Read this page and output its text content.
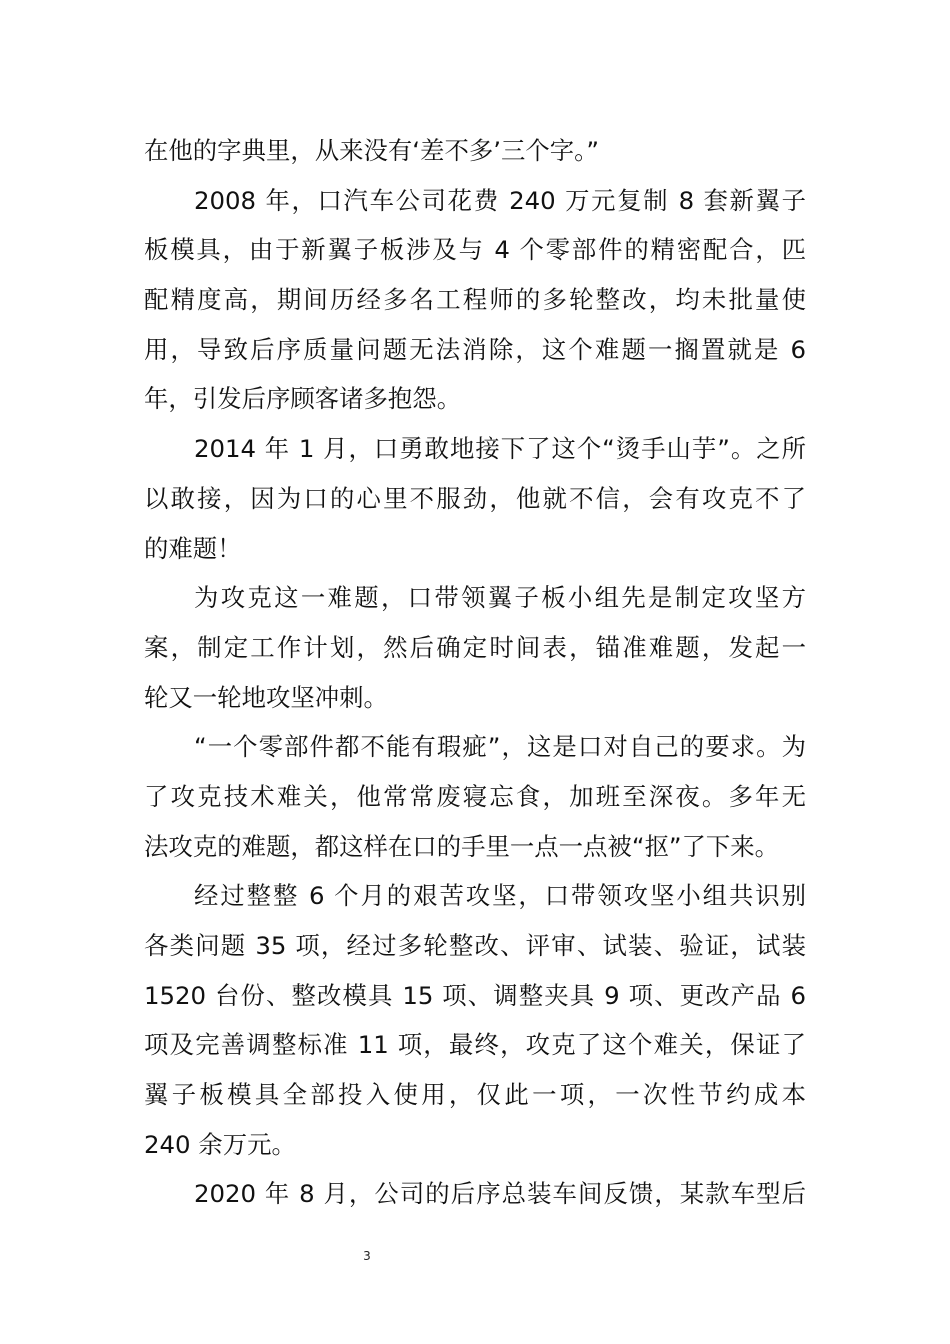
在他的字典里，从来没有‘差不多’三个字。”
2008 年，口汽车公司花费 240 万元复制 8 套新翼子
板模具，由于新翼子板涉及与 4 个零部件的精密配合，匹
配精度高，期间历经多名工程师的多轮整改，均未批量使
用，导致后序质量问题无法消除，这个难题一搁置就是 6
年，引发后序顾客诸多抱怨。
2014 年 1 月，口勇敢地接下了这个“烫手山芋”。之所
以敢接，因为口的心里不服劲，他就不信，会有攻克不了
的难题！
为攻克这一难题，口带领翼子板小组先是制定攻坚方
案，制定工作计划，然后确定时间表，锚准难题，发起一
轮又一轮地攻坚冲刺。
“一个零部件都不能有瑕疵”，这是口对自己的要求。为
了攻克技术难关，他常常废寝忘食，加班至深夜。多年无
法攻克的难题，都这样在口的手里一点一点被“抠”了下来。
经过整整 6 个月的艰苦攻坚，口带领攻坚小组共识别
各类问题 35 项，经过多轮整改、评审、试装、验证，试装
1520 台份、整改模具 15 项、调整夹具 9 项、更改产品 6
项及完善调整标准 11 项，最终，攻克了这个难关，保证了
翼子板模具全部投入使用，仅此一项，一次性节约成本
240 余万元。
2020 年 8 月，公司的后序总装车间反馈，某款车型后
3
